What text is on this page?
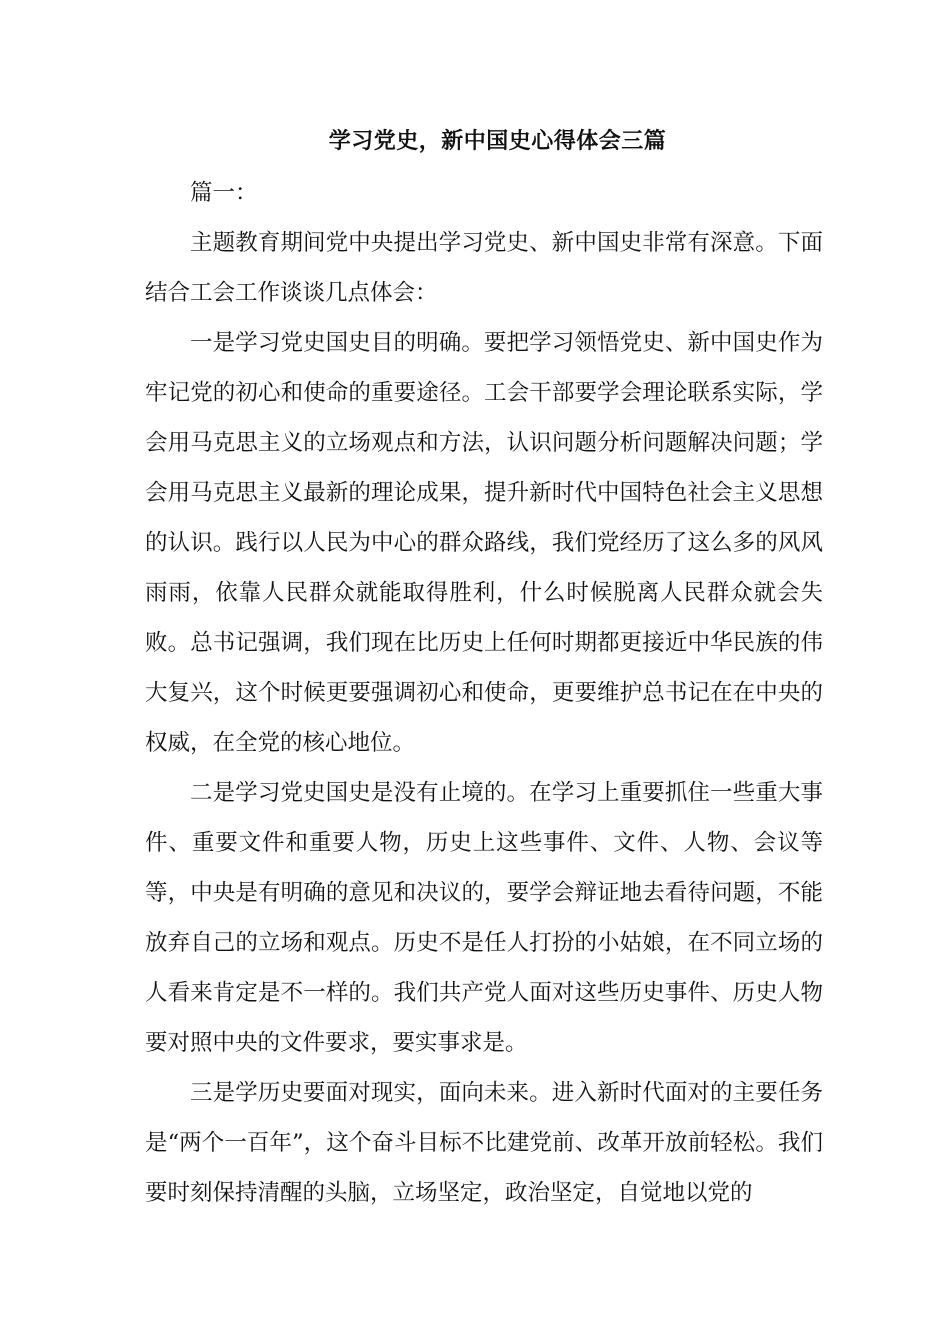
学习党史，新中国史心得体会三篇

篇一：

主题教育期间党中央提出学习党史、新中国史非常有深意。下面结合工会工作谈谈几点体会：

一是学习党史国史目的明确。要把学习领悟党史、新中国史作为牢记党的初心和使命的重要途径。工会干部要学会理论联系实际，学会用马克思主义的立场观点和方法，认识问题分析问题解决问题；学会用马克思主义最新的理论成果，提升新时代中国特色社会主义思想的认识。践行以人民为中心的群众路线，我们党经历了这么多的风风雨雨，依靠人民群众就能取得胜利，什么时候脱离人民群众就会失败。总书记强调，我们现在比历史上任何时期都更接近中华民族的伟大复兴，这个时候更要强调初心和使命，更要维护总书记在在中央的权威，在全党的核心地位。

二是学习党史国史是没有止境的。在学习上重要抓住一些重大事件、重要文件和重要人物，历史上这些事件、文件、人物、会议等等，中央是有明确的意见和决议的，要学会辩证地去看待问题，不能放弃自己的立场和观点。历史不是任人打扮的小姑娘，在不同立场的人看来肯定是不一样的。我们共产党人面对这些历史事件、历史人物要对照中央的文件要求，要实事求是。

三是学历史要面对现实，面向未来。进入新时代面对的主要任务是“两个一百年”，这个奋斗目标不比建党前、改革开放前轻松。我们要时刻保持清醒的头脑，立场坚定，政治坚定，自觉地以党的
